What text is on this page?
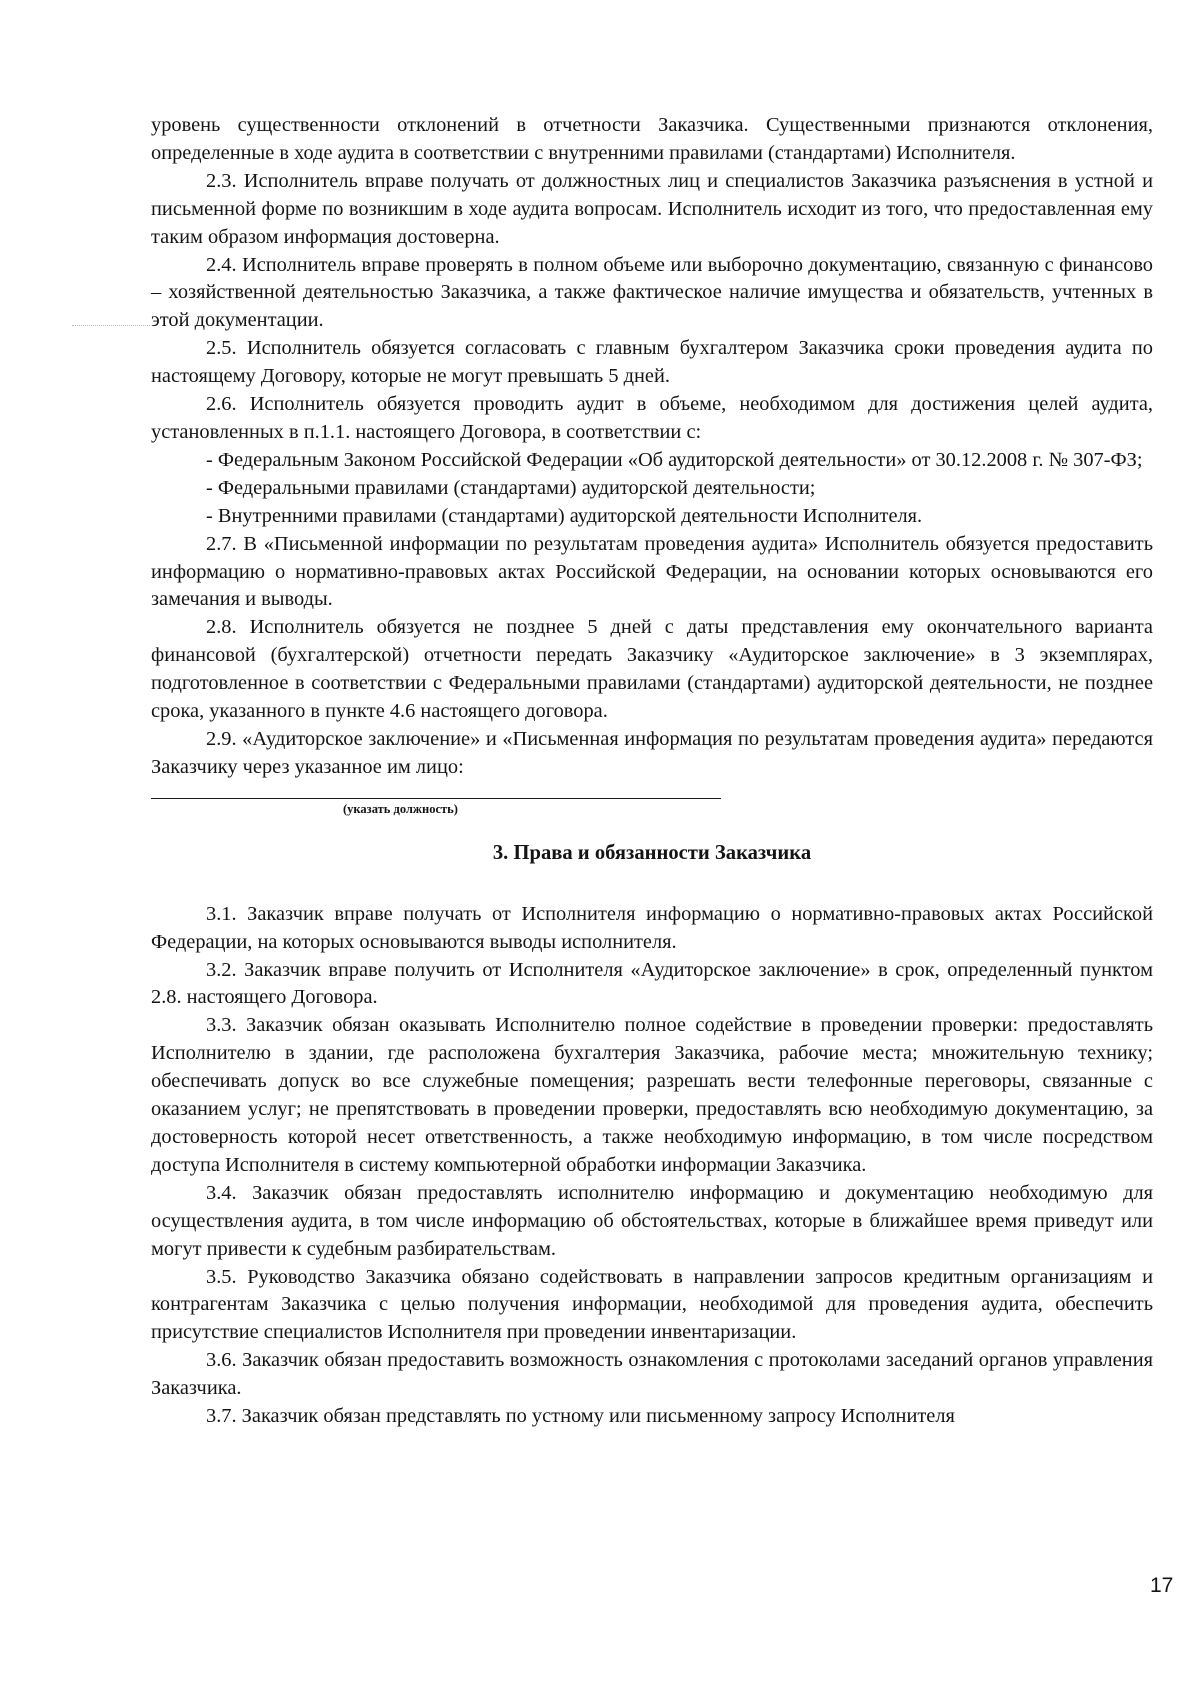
уровень существенности отклонений в отчетности Заказчика. Существенными признаются отклонения, определенные в ходе аудита в соответствии с внутренними правилами (стандартами) Исполнителя.

2.3. Исполнитель вправе получать от должностных лиц и специалистов Заказчика разъяснения в устной и письменной форме по возникшим в ходе аудита вопросам. Исполнитель исходит из того, что предоставленная ему таким образом информация достоверна.

2.4. Исполнитель вправе проверять в полном объеме или выборочно документацию, связанную с финансово – хозяйственной деятельностью Заказчика, а также фактическое наличие имущества и обязательств, учтенных в этой документации.

2.5. Исполнитель обязуется согласовать с главным бухгалтером Заказчика сроки проведения аудита по настоящему Договору, которые не могут превышать 5 дней.

2.6. Исполнитель обязуется проводить аудит в объеме, необходимом для достижения целей аудита, установленных в п.1.1. настоящего Договора, в соответствии с:

- Федеральным Законом Российской Федерации «Об аудиторской деятельности» от 30.12.2008 г. № 307-ФЗ;

- Федеральными правилами (стандартами) аудиторской деятельности;

- Внутренними правилами (стандартами) аудиторской деятельности Исполнителя.

2.7. В «Письменной информации по результатам проведения аудита» Исполнитель обязуется предоставить информацию о нормативно-правовых актах Российской Федерации, на основании которых основываются его замечания и выводы.

2.8. Исполнитель обязуется не позднее 5 дней с даты представления ему окончательного варианта финансовой (бухгалтерской) отчетности передать Заказчику «Аудиторское заключение» в 3 экземплярах, подготовленное в соответствии с Федеральными правилами (стандартами) аудиторской деятельности, не позднее срока, указанного в пункте 4.6 настоящего договора.

2.9. «Аудиторское заключение» и «Письменная информация по результатам проведения аудита» передаются Заказчику через указанное им лицо:

(указать должность)
3. Права и обязанности Заказчика

3.1. Заказчик вправе получать от Исполнителя информацию о нормативно-правовых актах Российской Федерации, на которых основываются выводы исполнителя.

3.2. Заказчик вправе получить от Исполнителя «Аудиторское заключение» в срок, определенный пунктом 2.8. настоящего Договора.

3.3. Заказчик обязан оказывать Исполнителю полное содействие в проведении проверки: предоставлять Исполнителю в здании, где расположена бухгалтерия Заказчика, рабочие места; множительную технику; обеспечивать допуск во все служебные помещения; разрешать вести телефонные переговоры, связанные с оказанием услуг; не препятствовать в проведении проверки, предоставлять всю необходимую документацию, за достоверность которой несет ответственность, а также необходимую информацию, в том числе посредством доступа Исполнителя в систему компьютерной обработки информации Заказчика.

3.4. Заказчик обязан предоставлять исполнителю информацию и документацию необходимую для осуществления аудита, в том числе информацию об обстоятельствах, которые в ближайшее время приведут или могут привести к судебным разбирательствам.

3.5. Руководство Заказчика обязано содействовать в направлении запросов кредитным организациям и контрагентам Заказчика с целью получения информации, необходимой для проведения аудита, обеспечить присутствие специалистов Исполнителя при проведении инвентаризации.

3.6. Заказчик обязан предоставить возможность ознакомления с протоколами заседаний органов управления Заказчика.

3.7. Заказчик обязан представлять по устному или письменному запросу Исполнителя

17
